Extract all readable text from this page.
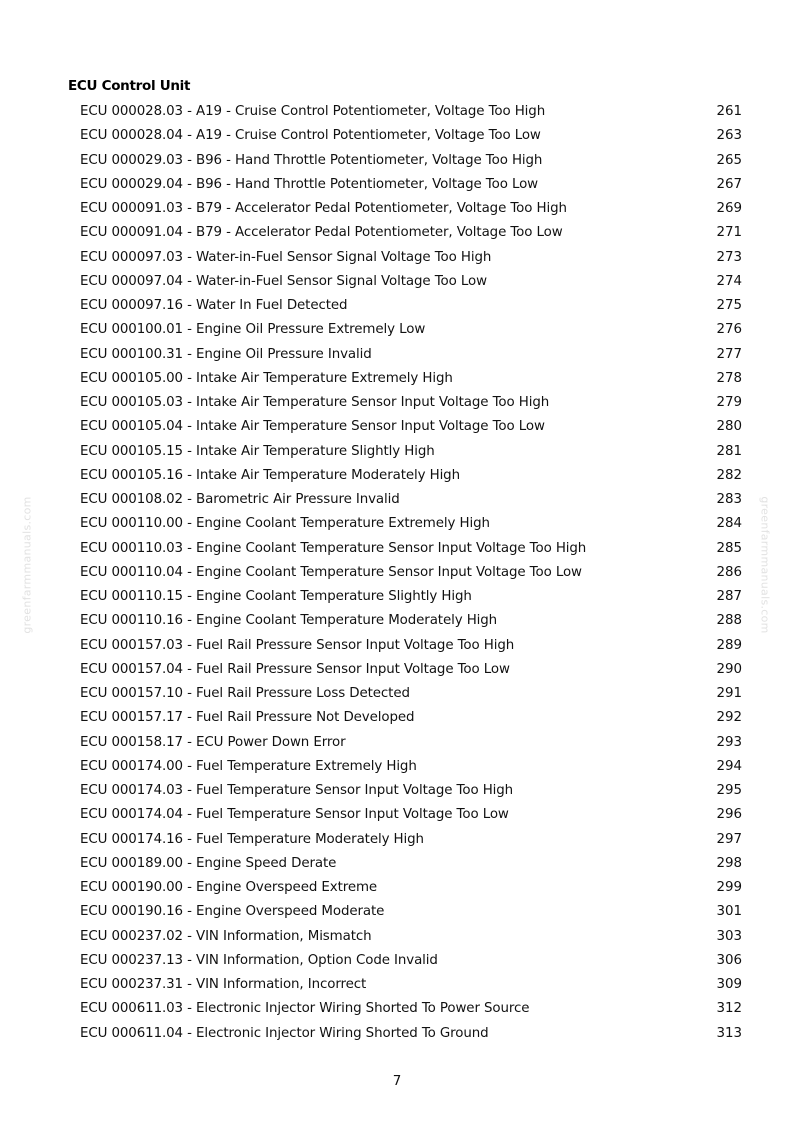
ECU Control Unit
ECU 000028.03 - A19 - Cruise Control Potentiometer, Voltage Too High	261
ECU 000028.04 - A19 - Cruise Control Potentiometer, Voltage Too Low	263
ECU 000029.03 - B96 - Hand Throttle Potentiometer, Voltage Too High	265
ECU 000029.04 - B96 - Hand Throttle Potentiometer, Voltage Too Low	267
ECU 000091.03 - B79 - Accelerator Pedal Potentiometer, Voltage Too High	269
ECU 000091.04 - B79 - Accelerator Pedal Potentiometer, Voltage Too Low	271
ECU 000097.03 - Water-in-Fuel Sensor Signal Voltage Too High	273
ECU 000097.04 - Water-in-Fuel Sensor Signal Voltage Too Low	274
ECU 000097.16 - Water In Fuel Detected	275
ECU 000100.01 - Engine Oil Pressure Extremely Low	276
ECU 000100.31 - Engine Oil Pressure Invalid	277
ECU 000105.00 - Intake Air Temperature Extremely High	278
ECU 000105.03 - Intake Air Temperature Sensor Input Voltage Too High	279
ECU 000105.04 - Intake Air Temperature Sensor Input Voltage Too Low	280
ECU 000105.15 - Intake Air Temperature Slightly High	281
ECU 000105.16 - Intake Air Temperature Moderately High	282
ECU 000108.02 - Barometric Air Pressure Invalid	283
ECU 000110.00 - Engine Coolant Temperature Extremely High	284
ECU 000110.03 - Engine Coolant Temperature Sensor Input Voltage Too High	285
ECU 000110.04 - Engine Coolant Temperature Sensor Input Voltage Too Low	286
ECU 000110.15 - Engine Coolant Temperature Slightly High	287
ECU 000110.16 - Engine Coolant Temperature Moderately High	288
ECU 000157.03 - Fuel Rail Pressure Sensor Input Voltage Too High	289
ECU 000157.04 - Fuel Rail Pressure Sensor Input Voltage Too Low	290
ECU 000157.10 - Fuel Rail Pressure Loss Detected	291
ECU 000157.17 - Fuel Rail Pressure Not Developed	292
ECU 000158.17 - ECU Power Down Error	293
ECU 000174.00 - Fuel Temperature Extremely High	294
ECU 000174.03 - Fuel Temperature Sensor Input Voltage Too High	295
ECU 000174.04 - Fuel Temperature Sensor Input Voltage Too Low	296
ECU 000174.16 - Fuel Temperature Moderately High	297
ECU 000189.00 - Engine Speed Derate	298
ECU 000190.00 - Engine Overspeed Extreme	299
ECU 000190.16 - Engine Overspeed Moderate	301
ECU 000237.02 - VIN Information, Mismatch	303
ECU 000237.13 - VIN Information, Option Code Invalid	306
ECU 000237.31 - VIN Information, Incorrect	309
ECU 000611.03 - Electronic Injector Wiring Shorted To Power Source	312
ECU 000611.04 - Electronic Injector Wiring Shorted To Ground	313
greenfarmmanuals.com	greenfarmmanuals.com
7
